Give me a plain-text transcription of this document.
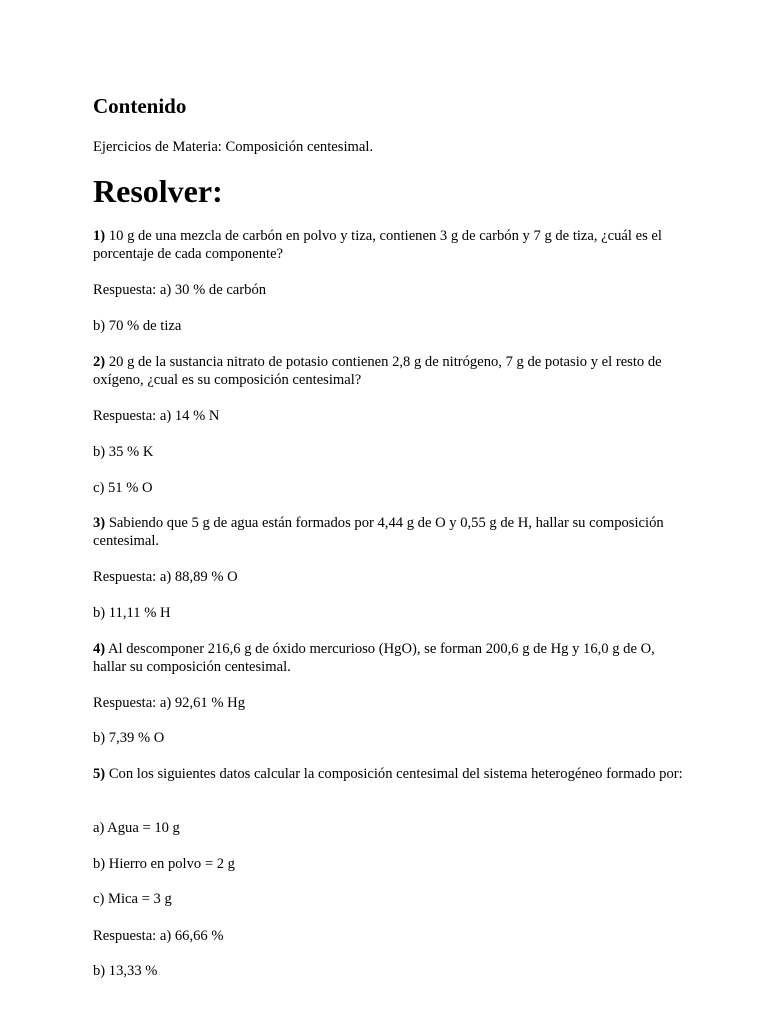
Contenido

Ejercicios de Materia: Composición centesimal.

Resolver:

1) 10 g de una mezcla de carbón en polvo y tiza, contienen 3 g de carbón y 7 g de tiza, ¿cuál es el porcentaje de cada componente?

Respuesta: a) 30 % de carbón

b) 70 % de tiza

2) 20 g de la sustancia nitrato de potasio contienen 2,8 g de nitrógeno, 7 g de potasio y el resto de oxígeno, ¿cual es su composición centesimal?

Respuesta: a) 14 % N

b) 35 % K

c) 51 % O

3) Sabiendo que 5 g de agua están formados por 4,44 g de O y 0,55 g de H, hallar su composición centesimal.

Respuesta: a) 88,89 % O

b) 11,11 % H

4) Al descomponer 216,6 g de óxido mercurioso (HgO), se forman 200,6 g de Hg y 16,0 g de O, hallar su composición centesimal.

Respuesta: a) 92,61 % Hg

b) 7,39 % O

5) Con los siguientes datos calcular la composición centesimal del sistema heterogéneo formado por:

a) Agua = 10 g

b) Hierro en polvo = 2 g

c) Mica = 3 g

Respuesta: a) 66,66 %

b) 13,33 %
